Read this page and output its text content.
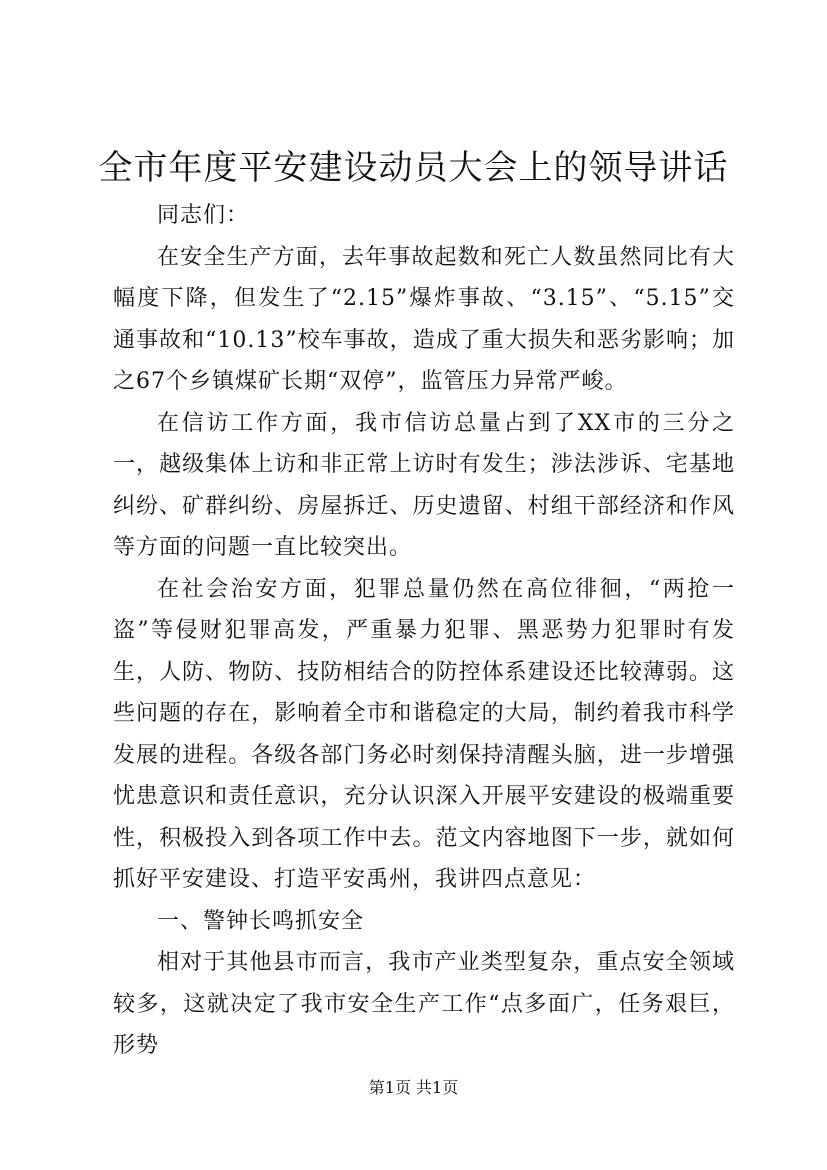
全市年度平安建设动员大会上的领导讲话

同志们：

在安全生产方面，去年事故起数和死亡人数虽然同比有大幅度下降，但发生了“2.15”爆炸事故、“3.15”、“5.15”交通事故和“10.13”校车事故，造成了重大损失和恶劣影响；加之67个乡镇煤矿长期“双停”，监管压力异常严峻。

在信访工作方面，我市信访总量占到了XX市的三分之一，越级集体上访和非正常上访时有发生；涉法涉诉、宅基地纠纷、矿群纠纷、房屋拆迁、历史遗留、村组干部经济和作风等方面的问题一直比较突出。

在社会治安方面，犯罪总量仍然在高位徘徊，“两抢一盗”等侵财犯罪高发，严重暴力犯罪、黑恶势力犯罪时有发生，人防、物防、技防相结合的防控体系建设还比较薄弱。这些问题的存在，影响着全市和谐稳定的大局，制约着我市科学发展的进程。各级各部门务必时刻保持清醒头脑，进一步增强忧患意识和责任意识，充分认识深入开展平安建设的极端重要性，积极投入到各项工作中去。范文内容地图下一步，就如何抓好平安建设、打造平安禹州，我讲四点意见：

一、警钟长鸣抓安全

相对于其他县市而言，我市产业类型复杂，重点安全领域较多，这就决定了我市安全生产工作“点多面广，任务艰巨，形势

第1页 共1页
